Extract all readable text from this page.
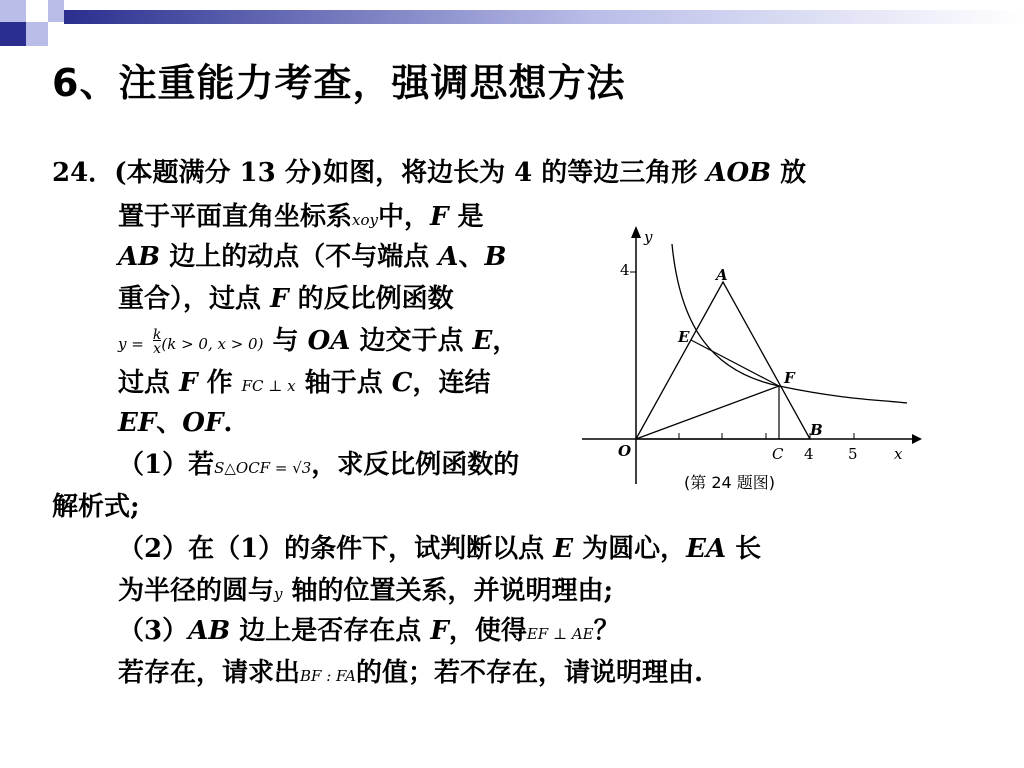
6、注重能力考查，强调思想方法
24．(本题满分 13 分)如图，将边长为 4 的等边三角形 AOB 放
置于平面直角坐标系xoy中，F 是
AB 边上的动点（不与端点 A、B
重合），过点 F 的反比例函数
$y = \frac{k}{x}(k > 0$, x > 0) 与 OA 边交于点 E，
过点 F 作 FC ⊥ x 轴于点 C，连结
EF、OF.
（1）若S△OCF = √3，求反比例函数的
解析式;
（2）在（1）的条件下，试判断以点 E 为圆心，EA 长
为半径的圆与y 轴的位置关系，并说明理由;
（3）AB 边上是否存在点 F，使得EF ⊥ AE？
若存在，请求出BF : FA的值；若不存在，请说明理由.
y
4	A
E
F
B
O	C 4 5 x
(第 24 题图)
